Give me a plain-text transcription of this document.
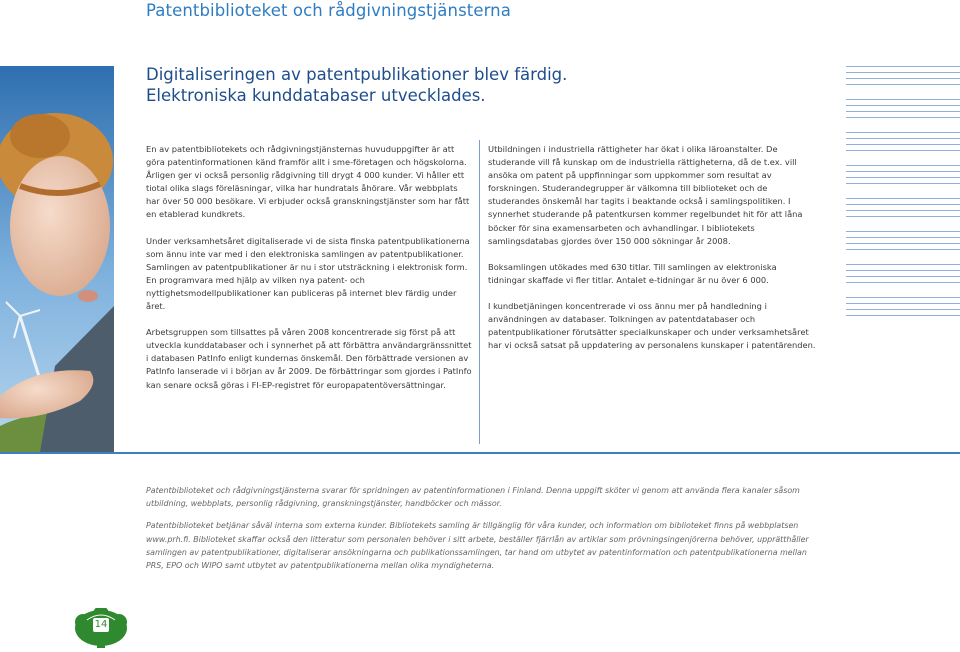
Patentbiblioteket och rådgivningstjänsterna
Digitaliseringen av patentpublikationer blev färdig.
Elektroniska kunddatabaser utvecklades.

En av patentbibliotekets och rådgivningstjänsternas huvuduppgifter är att göra patentinformationen känd framför allt i sme-företagen och högskolorna. Årligen ger vi också personlig rådgivning till drygt 4 000 kunder. Vi håller ett tiotal olika slags föreläsningar, vilka har hundratals åhörare. Vår webbplats har över 50 000 besökare. Vi erbjuder också granskningstjänster som har fått en etablerad kundkrets.

Under verksamhetsåret digitaliserade vi de sista finska patentpublikationerna som ännu inte var med i den elektroniska samlingen av patentpublikationer. Samlingen av patentpublikationer är nu i stor utsträckning i elektronisk form. En programvara med hjälp av vilken nya patent- och nyttighetsmodellpublikationer kan publiceras på internet blev färdig under året.

Arbetsgruppen som tillsattes på våren 2008 koncentrerade sig först på att utveckla kunddatabaser och i synnerhet på att förbättra användargränssnittet i databasen PatInfo enligt kundernas önskemål. Den förbättrade versionen av PatInfo lanserade vi i början av år 2009. De förbättringar som gjordes i PatInfo kan senare också göras i FI-EP-registret för europapatentöversättningar.

Utbildningen i industriella rättigheter har ökat i olika läroanstalter. De studerande vill få kunskap om de industriella rättigheterna, då de t.ex. vill ansöka om patent på uppfinningar som uppkommer som resultat av forskningen. Studerandegrupper är välkomna till biblioteket och de studerandes önskemål har tagits i beaktande också i samlingspolitiken. I synnerhet studerande på patentkursen kommer regelbundet hit för att låna böcker för sina examensarbeten och avhandlingar. I bibliotekets samlingsdatabas gjordes över 150 000 sökningar år 2008.

Boksamlingen utökades med 630 titlar. Till samlingen av elektroniska tidningar skaffade vi fler titlar. Antalet e-tidningar är nu över 6 000.

I kundbetjäningen koncentrerade vi oss ännu mer på handledning i användningen av databaser. Tolkningen av patentdatabaser och patentpublikationer förutsätter specialkunskaper och under verksamhetsåret har vi också satsat på uppdatering av personalens kunskaper i patentärenden.

Patentbiblioteket och rådgivningstjänsterna svarar för spridningen av patentinformationen i Finland. Denna uppgift sköter vi genom att använda flera kanaler såsom utbildning, webbplats, personlig rådgivning, granskningstjänster, handböcker och mässor.

Patentbiblioteket betjänar såväl interna som externa kunder. Bibliotekets samling är tillgänglig för våra kunder, och information om biblioteket finns på webbplatsen www.prh.fi. Biblioteket skaffar också den litteratur som personalen behöver i sitt arbete, beställer fjärrlån av artiklar som prövningsingenjörerna behöver, upprätthåller samlingen av patentpublikationer, digitaliserar ansökningarna och publikationssamlingen, tar hand om utbytet av patentinformation och patentpublikationerna mellan PRS, EPO och WIPO samt utbytet av patentpublikationerna mellan olika myndigheterna.

14
